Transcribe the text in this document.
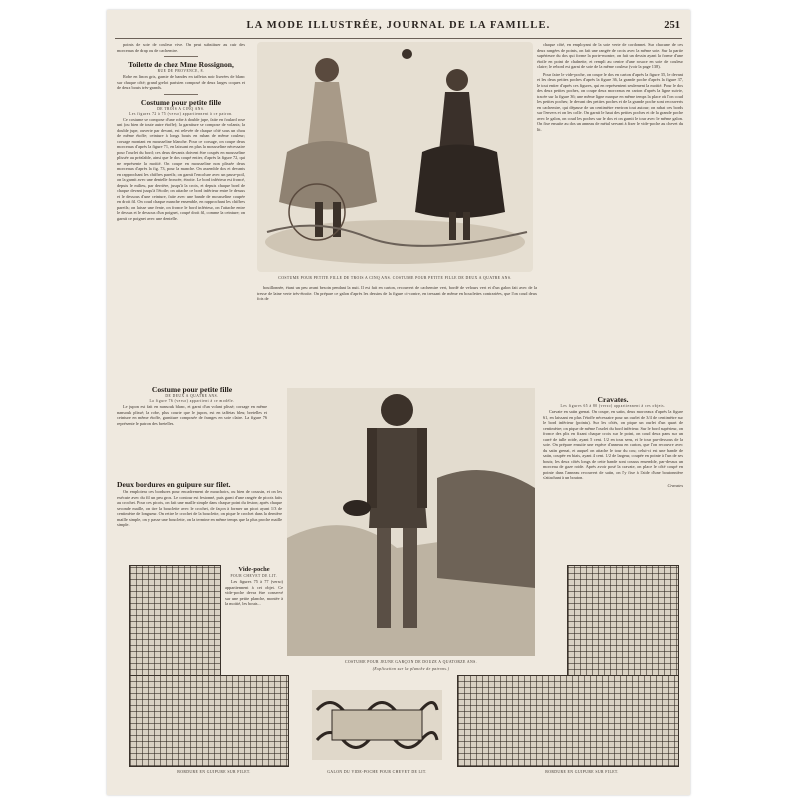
LA MODE ILLUSTRÉE, JOURNAL DE LA FAMILLE.	251

points de soie de couleur vive. On peut substituer au cuir des morceaux de drap ou de cachemire.

Toilette de chez Mme Rossignon,
RUE DE PROVENCE, 8.

Robe en linon gris, garnie de bandes en taffetas noir liserées de blanc sur chaque côté; grand grelot parisien composé de deux larges coques et de deux bouts très-grands.

Costume pour petite fille
DE TROIS A CINQ ANS.
Les figures 72 à 75 (verso) appartiennent à ce patron.

Ce costume se compose d'une robe à double jupe, faite en foulard rose uni (ou bien de toute autre étoffe); la garniture se compose de volants; la double jupe, ouverte par devant, est relevée de chaque côté sous un chou de même étoffe; ceinture à longs bouts en ruban de même couleur; corsage montant en mousseline blanche. Pour ce corsage, on coupe deux morceaux d'après la figure 71, en laissant en plus la mousseline nécessaire pour l'ourlet du bord; ces deux devants doivent être coupés en mousseline plissée au préalable, ainsi que le dos coupé entier, d'après la figure 72, qui ne représente la moitié. On coupe en mousseline non plissée deux morceaux d'après la fig. 73, pour la manche. On assemble dos et devants en rapprochant les chiffres pareils; on garnit l'encolure avec un passe-poil, on la garnit avec une dentelle froncée, étroite. Le bord inférieur est froncé, depuis le milieu, par derrière, jusqu'à la croix, et depuis chaque bord de chaque devant jusqu'à l'étoile; on attache ce bord inférieur entre le dessus et le dessous d'une ceinture, faite avec une bande de mousseline coupée en droit fil. On coud chaque manche ensemble, en rapprochant les chiffres pareils; on laisse une fente, on fronce le bord inférieur, on l'attache entre le dessus et le dessous d'un poignet, coupé droit fil, comme la ceinture; on garnit ce poignet avec une dentelle.

Costume pour petite fille
DE DEUX A QUATRE ANS.
La figure 76 (verso) appartient à ce modèle.

Le jupon est fait en nansouk blanc, et garni d'un volant plissé; corsage en même nansouk plissé; la robe, plus courte que le jupon, est en taffetas bleu; bretelles et ceinture en même étoffe, garniture composée de franges en soie claire. La figure 76 représente le patron des bretelles.

Deux bordures en guipure sur filet.

On emploiera ces bordures pour encadrement de mouchoirs, ou bien de coussin, et on les exécute avec du fil un peu gros. Le contour est festonné, puis garni d'une rangée de picots faits au crochet. Pour ces picots, on fait une maille simple dans chaque point du feston; après chaque seconde maille, on tire la bouclette avec le crochet, de façon à former un picot ayant 1/3 de centimètre de longueur. On retire le crochet de la bouclette, on pique le crochet dans la dernière maille simple, on y passe une bouclette, on la termine en même temps que la plus proche maille simple.

COSTUME POUR PETITE FILLE DE TROIS A CINQ ANS. COSTUME POUR PETITE FILLE DE DEUX A QUATRE ANS.

chaque côté, en employant de la soie verte de cordonnet. Sur chacune de ces deux rangées de points, on fait une rangée de croix avec la même soie. Sur la partie supérieure du dos qui forme la porte-montre, on fait un dessin ayant la forme d'une étoile en point de chaînette, et rempli au centre d'une rosace en soie de couleur claire; le rebord est garni de soie de la même couleur (voir la page 138).

Pour faire le vide-poche, on coupe le dos en carton d'après la figure 35, le devant et les deux petites poches d'après la figure 36, la grande poche d'après la figure 37, le tout entier d'après ces figures, qui en représentent seulement la moitié. Pour le dos des deux petites poches, on coupe deux morceaux en carton d'après la ligne suivie, tracée sur la figure 36; une même ligne marque en même temps la place où l'on coud les petites poches; le devant des petites poches et de la grande poche sont recouverts en cachemire, qui dépasse de un centimètre environ tout autour; on rabat ces bords sur l'envers et on les colle. On garnit le haut des petites poches et de la grande poche avec le galon, on coud les poches sur le dos et on garnit le tour avec le même galon. On fixe ensuite au dos un anneau de métal servant à fixer le vide-poche au chevet du lit.

bouillonnée, étant un peu avant besoin pendant la nuit. Il est fait en carton, recouvert de cachemire vert, bordé de velours vert et d'un galon fait avec de la tresse de laine verte très-étroite. On prépare ce galon d'après les dessins de la figure ci-contre, en tressant de même en bouclettes contrariées, que l'on coud deux fois de

Cravates.
Les figures 65 à 80 (verso) appartiennent à ces objets.

Cravate en satin grenat. On coupe, en satin, deux morceaux d'après la figure 61, en laissant en plus l'étoffe nécessaire pour un ourlet de 3/4 de centimètre sur le bord inférieur (pointu). Sur les côtés, on pique un ourlet d'un quart de centimètre; on pique de même l'ourlet du bord inférieur. Sur le bord supérieur, on fronce des plis en fixant chaque croix sur le point, on coud deux pans sur un carré de tulle roide, ayant 5 cent. 1/2 en tous sens, et le tour par-dessous de la soie. On prépare ensuite une espèce d'anneau en carton, que l'on recouvre avec du satin grenat, et auquel on attache le tour du cou; celui-ci est une bande de satin, coupée en biais, ayant 4 cent. 1/2 de largeur, coupée en pointe à l'un de ses bouts; les deux côtés longs de cette bande sont cousus ensemble, par-dessus un morceau de gaze roide. Après avoir posé la cravate, on place le côté coupé en pointe dans l'anneau recouvert de satin, on l'y fixe à l'aide d'une boutonnière s'attachant à un bouton.

Cravates
COSTUME POUR JEUNE GARÇON DE DOUZE A QUATORZE ANS.
(Explication sur la planche de patrons.)
Vide-poche
POUR CHEVET DE LIT.

Les figures 75 à 77 (verso) appartiennent à cet objet. Ce vide-poche devra être conservé sur une petite planche, montée à la moitié, les bouts...

BORDURE EN GUIPURE SUR FILET.	GALON DU VIDE-POCHE POUR CHEVET DE LIT.	BORDURE EN GUIPURE SUR FILET.
